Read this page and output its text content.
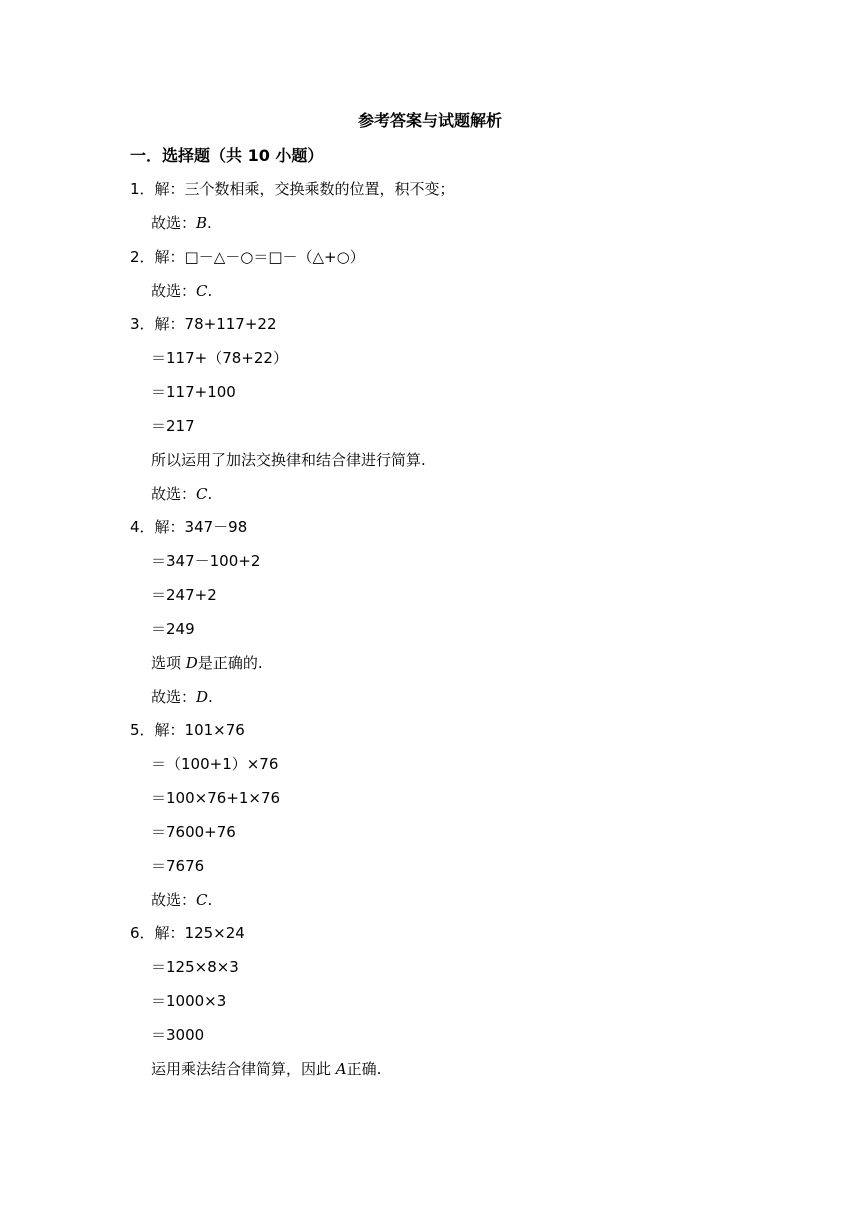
参考答案与试题解析
一．选择题（共 10 小题）
1．解：三个数相乘，交换乘数的位置，积不变；
故选：B.
2．解：□－△－○＝□－（△+○）
故选：C.
3．解：78+117+22
＝117+（78+22）
＝117+100
＝217
所以运用了加法交换律和结合律进行简算.
故选：C.
4．解：347－98
＝347－100+2
＝247+2
＝249
选项 D是正确的.
故选：D.
5．解：101×76
＝（100+1）×76
＝100×76+1×76
＝7600+76
＝7676
故选：C.
6．解：125×24
＝125×8×3
＝1000×3
＝3000
运用乘法结合律简算，因此 A正确.
